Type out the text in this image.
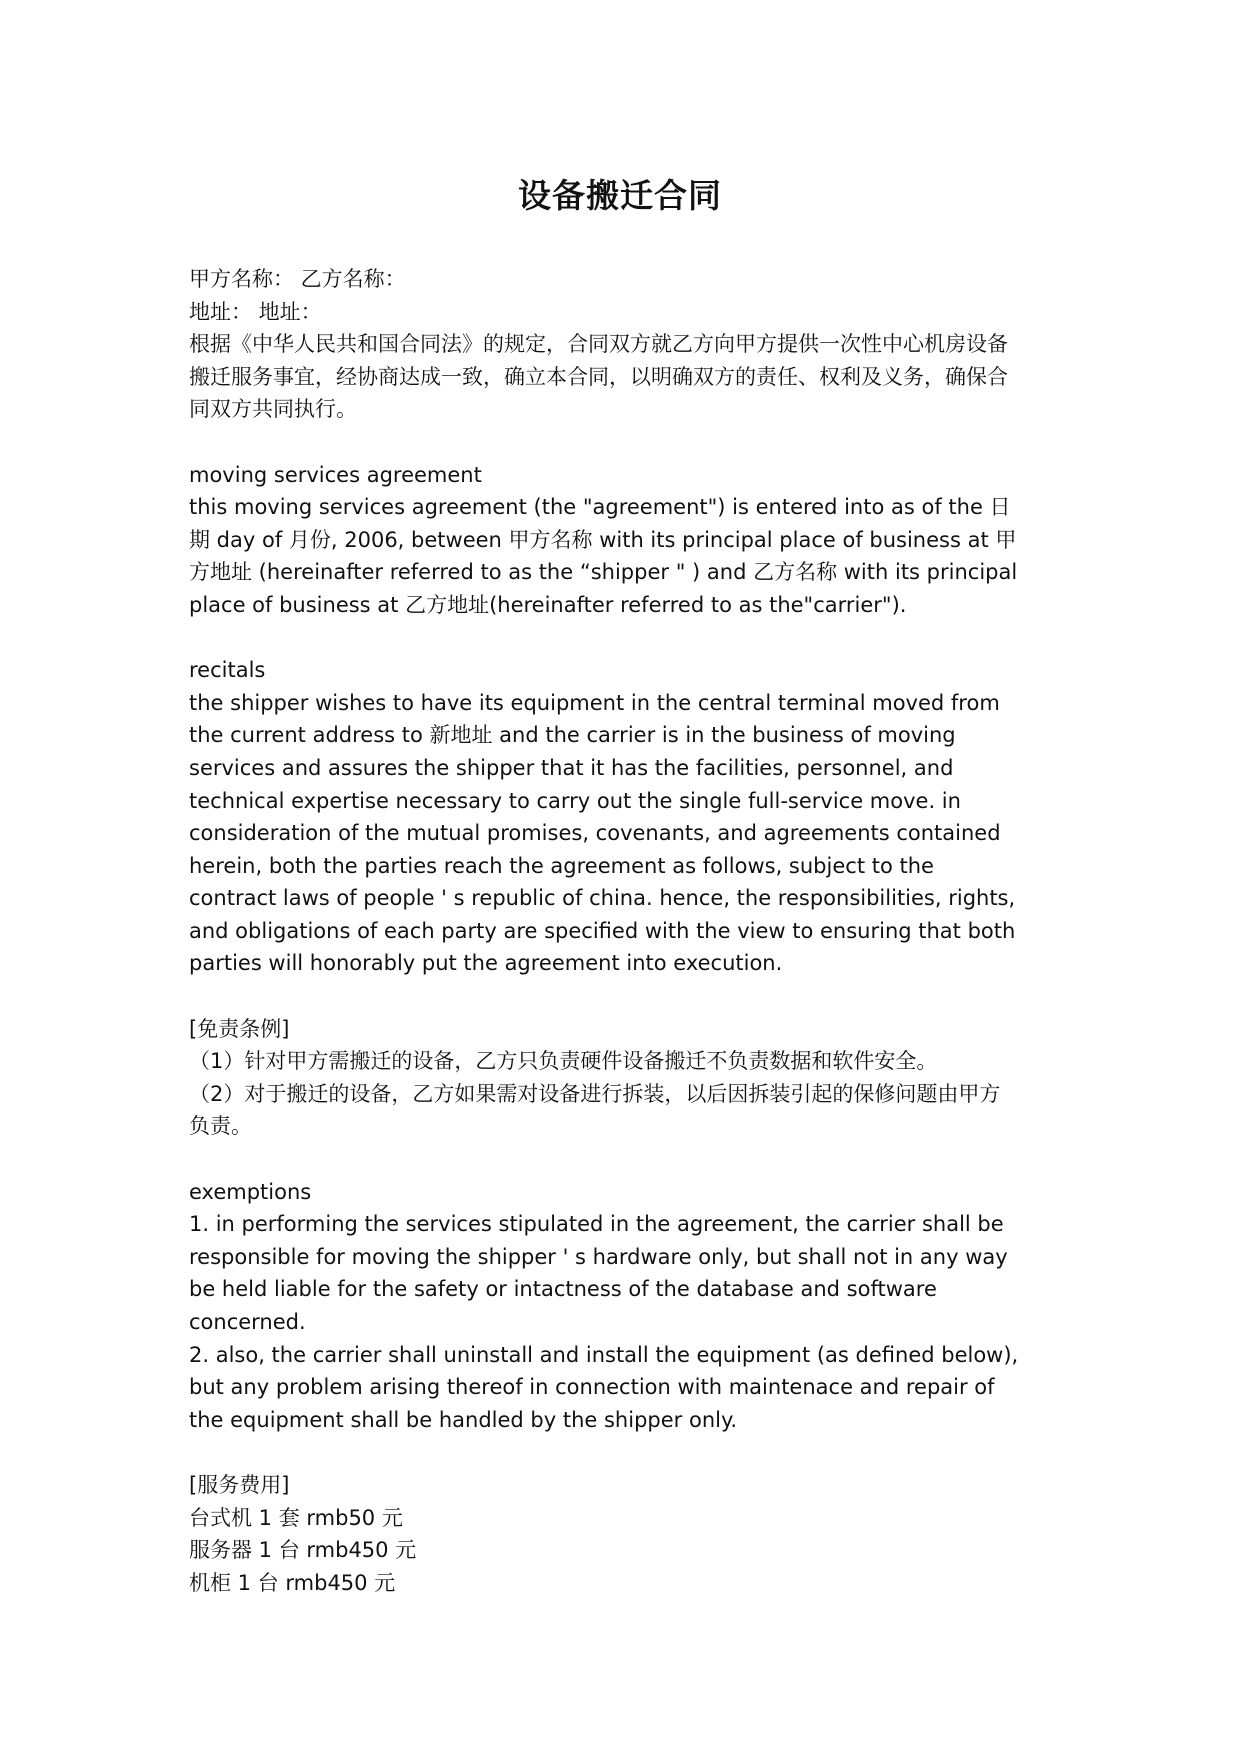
设备搬迁合同
甲方名称： 乙方名称：
地址： 地址：
根据《中华人民共和国合同法》的规定，合同双方就乙方向甲方提供一次性中心机房设备
搬迁服务事宜，经协商达成一致，确立本合同，以明确双方的责任、权利及义务，确保合
同双方共同执行。
moving services agreement
this moving services agreement (the "agreement") is entered into as of the 日
期 day of 月份, 2006, between 甲方名称 with its principal place of business at 甲
方地址 (hereinafter referred to as the “shipper " ) and 乙方名称 with its principal
place of business at 乙方地址(hereinafter referred to as the"carrier").
recitals
the shipper wishes to have its equipment in the central terminal moved from
the current address to 新地址 and the carrier is in the business of moving
services and assures the shipper that it has the facilities, personnel, and
technical expertise necessary to carry out the single full-service move. in
consideration of the mutual promises, covenants, and agreements contained
herein, both the parties reach the agreement as follows, subject to the
contract laws of people ' s republic of china. hence, the responsibilities, rights,
and obligations of each party are specified with the view to ensuring that both
parties will honorably put the agreement into execution.
[免责条例]
（1）针对甲方需搬迁的设备，乙方只负责硬件设备搬迁不负责数据和软件安全。
（2）对于搬迁的设备，乙方如果需对设备进行拆装，以后因拆装引起的保修问题由甲方
负责。
exemptions
1. in performing the services stipulated in the agreement, the carrier shall be
responsible for moving the shipper ' s hardware only, but shall not in any way
be held liable for the safety or intactness of the database and software
concerned.
2. also, the carrier shall uninstall and install the equipment (as defined below),
but any problem arising thereof in connection with maintenace and repair of
the equipment shall be handled by the shipper only.
[服务费用]
台式机 1 套 rmb50 元
服务器 1 台 rmb450 元
机柜 1 台 rmb450 元
